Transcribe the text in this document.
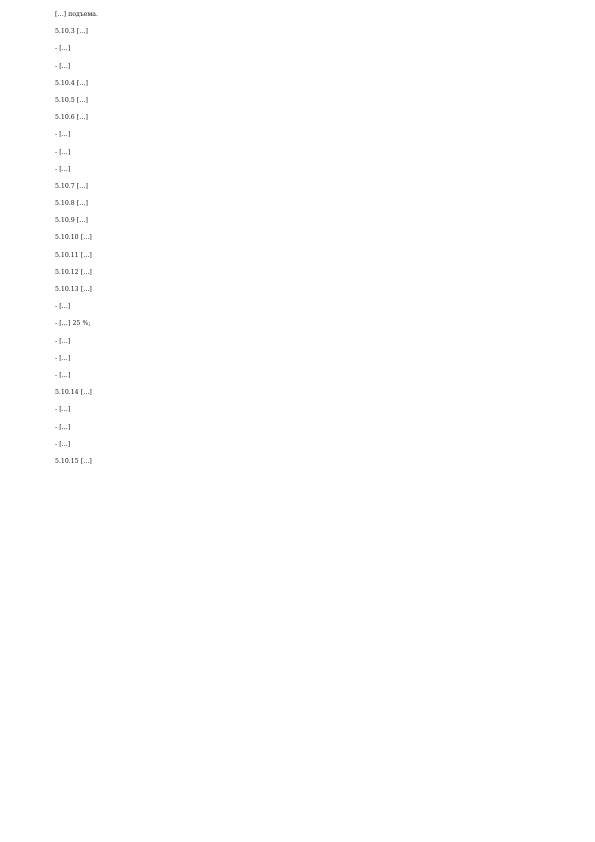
[…] подъема.

5.10.3 […]

- […]

- […]

5.10.4 […]

5.10.5 […]

5.10.6 […]

- […]

- […]

- […]

5.10.7 […]

5.10.8 […]

5.10.9 […]

5.10.10 […]

5.10.11 […]

5.10.12 […]

5.10.13 […]

- […]

- […] 25 %;

- […]

- […]

- […]

5.10.14 […]

- […]

- […]

- […]

5.10.15 […]
